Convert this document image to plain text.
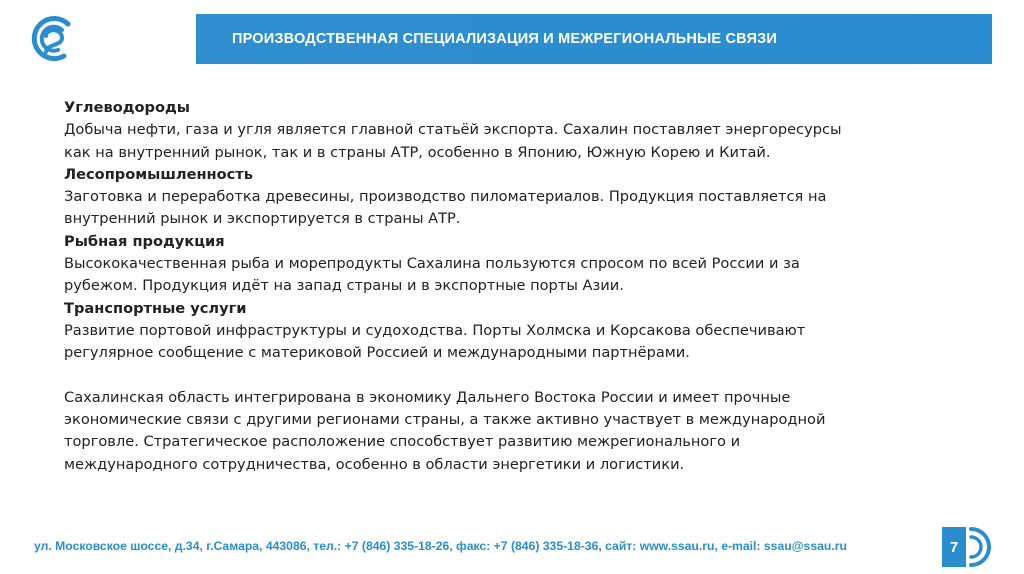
ПРОИЗВОДСТВЕННАЯ СПЕЦИАЛИЗАЦИЯ И МЕЖРЕГИОНАЛЬНЫЕ СВЯЗИ

Углеводороды

Добыча нефти, газа и угля является главной статьёй экспорта. Сахалин поставляет энергоресурсы

как на внутренний рынок, так и в страны АТР, особенно в Японию, Южную Корею и Китай.

Лесопромышленность

Заготовка и переработка древесины, производство пиломатериалов. Продукция поставляется на

внутренний рынок и экспортируется в страны АТР.

Рыбная продукция

Высококачественная рыба и морепродукты Сахалина пользуются спросом по всей России и за

рубежом. Продукция идёт на запад страны и в экспортные порты Азии.

Транспортные услуги

Развитие портовой инфраструктуры и судоходства. Порты Холмска и Корсакова обеспечивают

регулярное сообщение с материковой Россией и международными партнёрами.

Сахалинская область интегрирована в экономику Дальнего Востока России и имеет прочные

экономические связи с другими регионами страны, а также активно участвует в международной

торговле. Стратегическое расположение способствует развитию межрегионального и

международного сотрудничества, особенно в области энергетики и логистики.

ул. Московское шоссе, д.34, г.Самара, 443086, тел.: +7 (846) 335-18-26, факс: +7 (846) 335-18-36, сайт: www.ssau.ru, e-mail: ssau@ssau.ru	7
